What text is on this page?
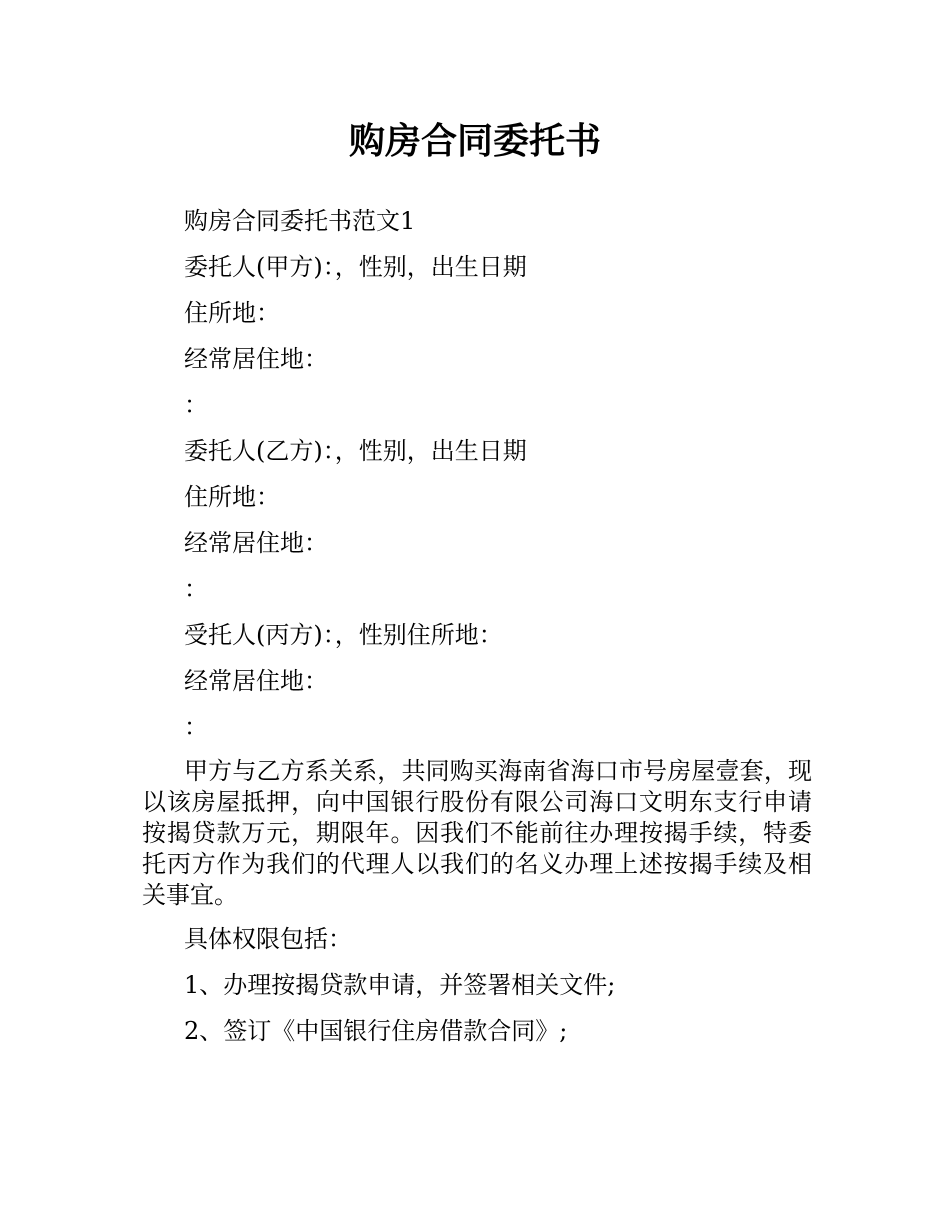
购房合同委托书

购房合同委托书范文1

委托人(甲方)：，性别，出生日期

住所地：

经常居住地：

：

委托人(乙方)：，性别，出生日期

住所地：

经常居住地：

：

受托人(丙方)：，性别住所地：

经常居住地：

：

甲方与乙方系关系，共同购买海南省海口市号房屋壹套，现以该房屋抵押，向中国银行股份有限公司海口文明东支行申请按揭贷款万元，期限年。因我们不能前往办理按揭手续，特委托丙方作为我们的代理人以我们的名义办理上述按揭手续及相关事宜。

具体权限包括：

1、办理按揭贷款申请，并签署相关文件;

2、签订《中国银行住房借款合同》;
